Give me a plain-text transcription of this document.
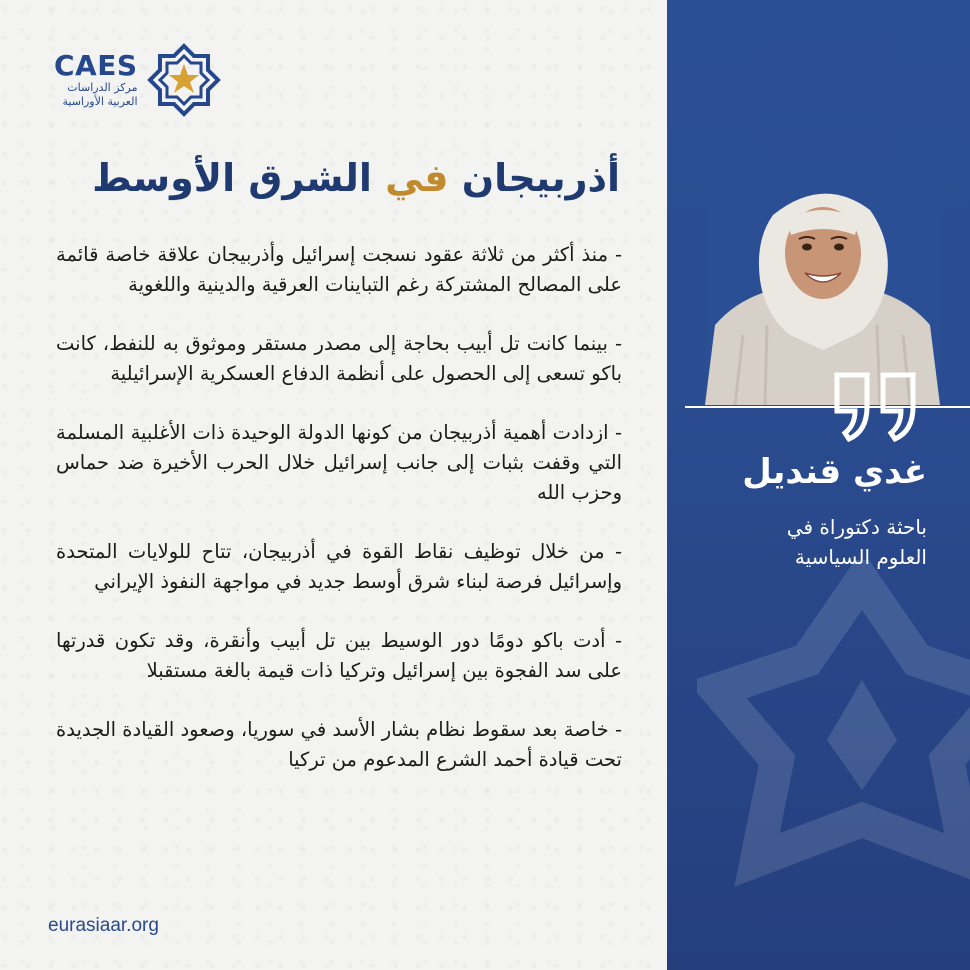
CAES
مركز الدراسات
العربية الأوراسية
أذربيجان في الشرق الأوسط

- منذ أكثر من ثلاثة عقود نسجت إسرائيل وأذربيجان علاقة خاصة قائمة على المصالح المشتركة رغم التباينات العرقية والدينية واللغوية

- بينما كانت تل أبيب بحاجة إلى مصدر مستقر وموثوق به للنفط، كانت باكو تسعى إلى الحصول على أنظمة الدفاع العسكرية الإسرائيلية

- ازدادت أهمية أذربيجان من كونها الدولة الوحيدة ذات الأغلبية المسلمة التي وقفت بثبات إلى جانب إسرائيل خلال الحرب الأخيرة ضد حماس وحزب الله

- من خلال توظيف نقاط القوة في أذربيجان، تتاح للولايات المتحدة وإسرائيل فرصة لبناء شرق أوسط جديد في مواجهة النفوذ الإيراني

- أدت باكو دومًا دور الوسيط بين تل أبيب وأنقرة، وقد تكون قدرتها على سد الفجوة بين إسرائيل وتركيا ذات قيمة بالغة مستقبلا

- خاصة بعد سقوط نظام بشار الأسد في سوريا، وصعود القيادة الجديدة تحت قيادة أحمد الشرع المدعوم من تركيا

eurasiaar.org
غدي قنديل
باحثة دكتوراة في
العلوم السياسية
